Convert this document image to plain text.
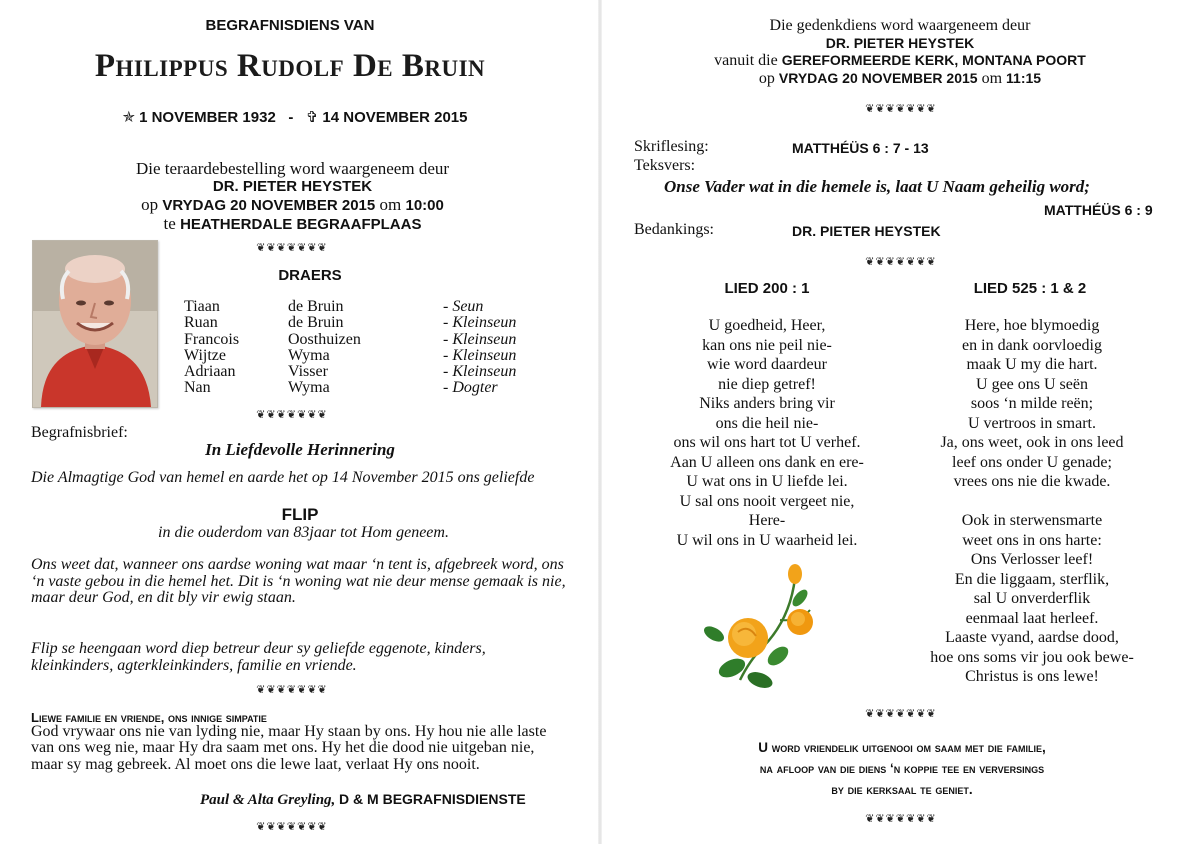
BEGRAFNISDIENS VAN
Philippus Rudolf De Bruin
✯ 1 NOVEMBER 1932 - ✞ 14 NOVEMBER 2015
Die teraardebestelling word waargeneem deur
DR. PIETER HEYSTEK
op VRYDAG 20 NOVEMBER 2015 om 10:00
te HEATHERDALE BEGRAAFPLAAS
❦❦❦❦❦❦❦
DRAERS
Tiaan	de Bruin	- Seun
Ruan	de Bruin	- Kleinseun
Francois	Oosthuizen	- Kleinseun
Wijtze	Wyma	- Kleinseun
Adriaan	Visser	- Kleinseun
Nan	Wyma	- Dogter
❦❦❦❦❦❦❦
Begrafnisbrief:
In Liefdevolle Herinnering
Die Almagtige God van hemel en aarde het op 14 November 2015 ons geliefde
FLIP
in die ouderdom van 83jaar tot Hom geneem.
Ons weet dat, wanneer ons aardse woning wat maar ‘n tent is, afgebreek word, ons ‘n vaste gebou in die hemel het. Dit is ‘n woning wat nie deur mense gemaak is nie, maar deur God, en dit bly vir ewig staan.
Flip se heengaan word diep betreur deur sy geliefde eggenote, kinders, kleinkinders, agterkleinkinders, familie en vriende.
❦❦❦❦❦❦❦
Liewe familie en vriende, ons innige simpatie
God vrywaar ons nie van lyding nie, maar Hy staan by ons. Hy hou nie alle laste van ons weg nie, maar Hy dra saam met ons. Hy het die dood nie uitgeban nie, maar sy mag gebreek. Al moet ons die lewe laat, verlaat Hy ons nooit.
Paul & Alta Greyling, D & M BEGRAFNISDIENSTE
❦❦❦❦❦❦❦
Die gedenkdiens word waargeneem deur
DR. PIETER HEYSTEK
vanuit die GEREFORMEERDE KERK, MONTANA POORT
op VRYDAG 20 NOVEMBER 2015 om 11:15
❦❦❦❦❦❦❦
Skriflesing:	MATTHÉÜS 6 : 7 - 13
Teksvers:
Onse Vader wat in die hemele is, laat U Naam geheilig word;
MATTHÉÜS 6 : 9
Bedankings:	DR. PIETER HEYSTEK
❦❦❦❦❦❦❦
LIED 200 : 1
U goedheid, Heer,
kan ons nie peil nie-
wie word daardeur
nie diep getref!
Niks anders bring vir
ons die heil nie-
ons wil ons hart tot U verhef.
Aan U alleen ons dank en ere-
U wat ons in U liefde lei.
U sal ons nooit vergeet nie,
Here-
U wil ons in U waarheid lei.
LIED 525 : 1 & 2
Here, hoe blymoedig
en in dank oorvloedig
maak U my die hart.
U gee ons U seën
soos ‘n milde reën;
U vertroos in smart.
Ja, ons weet, ook in ons leed
leef ons onder U genade;
vrees ons nie die kwade.
Ook in sterwensmarte
weet ons in ons harte:
Ons Verlosser leef!
En die liggaam, sterflik,
sal U onverderflik
eenmaal laat herleef.
Laaste vyand, aardse dood,
hoe ons soms vir jou ook bewe-
Christus is ons lewe!
❦❦❦❦❦❦❦
U word vriendelik uitgenooi om saam met die familie,
na afloop van die diens ‘n koppie tee en verversings
by die kerksaal te geniet.
❦❦❦❦❦❦❦
